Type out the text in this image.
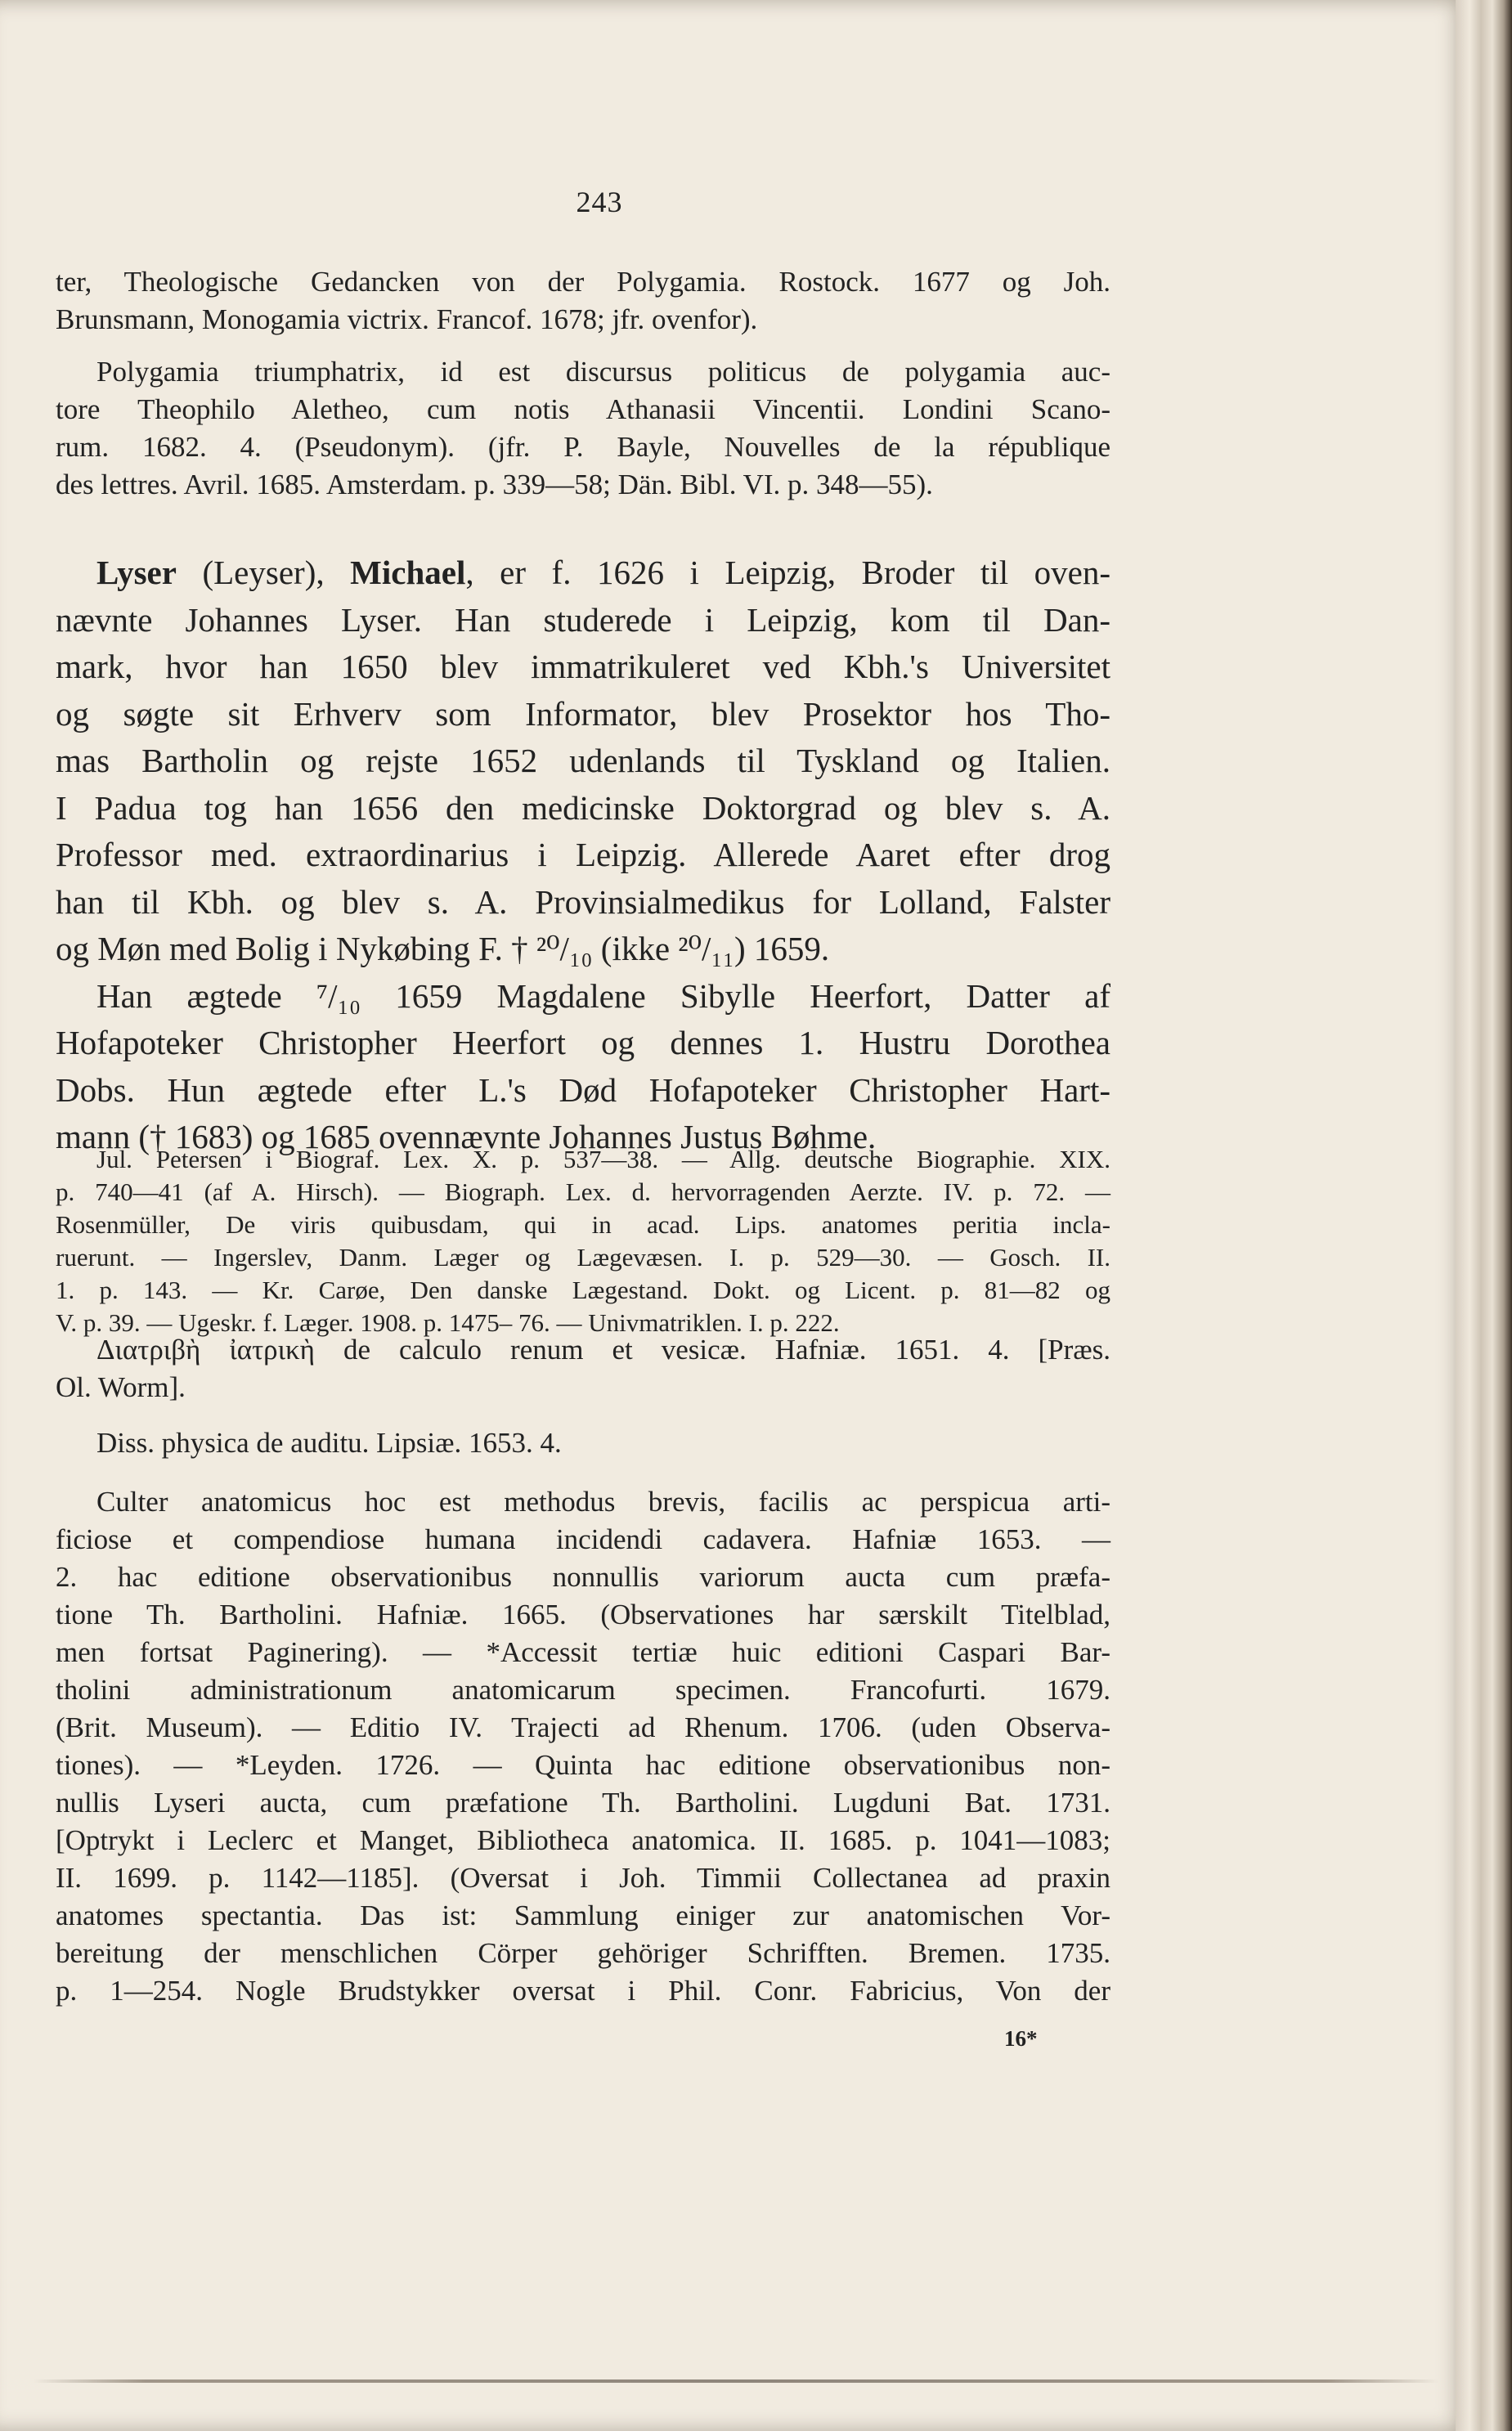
243
ter, Theologische Gedancken von der Polygamia. Rostock. 1677 og Joh.
Brunsmann, Monogamia victrix. Francof. 1678; jfr. ovenfor).
Polygamia triumphatrix, id est discursus politicus de polygamia auc-
tore Theophilo Aletheo, cum notis Athanasii Vincentii. Londini Scano-
rum. 1682. 4. (Pseudonym). (jfr. P. Bayle, Nouvelles de la république
des lettres. Avril. 1685. Amsterdam. p. 339—58; Dän. Bibl. VI. p. 348—55).
Lyser (Leyser), Michael, er f. 1626 i Leipzig, Broder til oven-
nævnte Johannes Lyser. Han studerede i Leipzig, kom til Dan-
mark, hvor han 1650 blev immatrikuleret ved Kbh.'s Universitet
og søgte sit Erhverv som Informator, blev Prosektor hos Tho-
mas Bartholin og rejste 1652 udenlands til Tyskland og Italien.
I Padua tog han 1656 den medicinske Doktorgrad og blev s. A.
Professor med. extraordinarius i Leipzig. Allerede Aaret efter drog
han til Kbh. og blev s. A. Provinsialmedikus for Lolland, Falster
og Møn med Bolig i Nykøbing F. † ²⁰/₁₀ (ikke ²⁰/₁₁) 1659.
Han ægtede ⁷/₁₀ 1659 Magdalene Sibylle Heerfort, Datter af
Hofapoteker Christopher Heerfort og dennes 1. Hustru Dorothea
Dobs. Hun ægtede efter L.'s Død Hofapoteker Christopher Hart-
mann († 1683) og 1685 ovennævnte Johannes Justus Bøhme.
Jul. Petersen i Biograf. Lex. X. p. 537—38. — Allg. deutsche Biographie. XIX.
p. 740—41 (af A. Hirsch). — Biograph. Lex. d. hervorragenden Aerzte. IV. p. 72. —
Rosenmüller, De viris quibusdam, qui in acad. Lips. anatomes peritia incla-
ruerunt. — Ingerslev, Danm. Læger og Lægevæsen. I. p. 529—30. — Gosch. II.
1. p. 143. — Kr. Carøe, Den danske Lægestand. Dokt. og Licent. p. 81—82 og
V. p. 39. — Ugeskr. f. Læger. 1908. p. 1475– 76. — Univmatriklen. I. p. 222.
Διατριβὴ ἰατρικὴ de calculo renum et vesicæ. Hafniæ. 1651. 4. [Præs.
Ol. Worm].
Diss. physica de auditu. Lipsiæ. 1653. 4.
Culter anatomicus hoc est methodus brevis, facilis ac perspicua arti-
ficiose et compendiose humana incidendi cadavera. Hafniæ 1653. —
2. hac editione observationibus nonnullis variorum aucta cum præfa-
tione Th. Bartholini. Hafniæ. 1665. (Observationes har særskilt Titelblad,
men fortsat Paginering). — *Accessit tertiæ huic editioni Caspari Bar-
tholini administrationum anatomicarum specimen. Francofurti. 1679.
(Brit. Museum). — Editio IV. Trajecti ad Rhenum. 1706. (uden Observa-
tiones). — *Leyden. 1726. — Quinta hac editione observationibus non-
nullis Lyseri aucta, cum præfatione Th. Bartholini. Lugduni Bat. 1731.
[Optrykt i Leclerc et Manget, Bibliotheca anatomica. II. 1685. p. 1041—1083;
II. 1699. p. 1142—1185]. (Oversat i Joh. Timmii Collectanea ad praxin
anatomes spectantia. Das ist: Sammlung einiger zur anatomischen Vor-
bereitung der menschlichen Cörper gehöriger Schrifften. Bremen. 1735.
p. 1—254. Nogle Brudstykker oversat i Phil. Conr. Fabricius, Von der
16*
